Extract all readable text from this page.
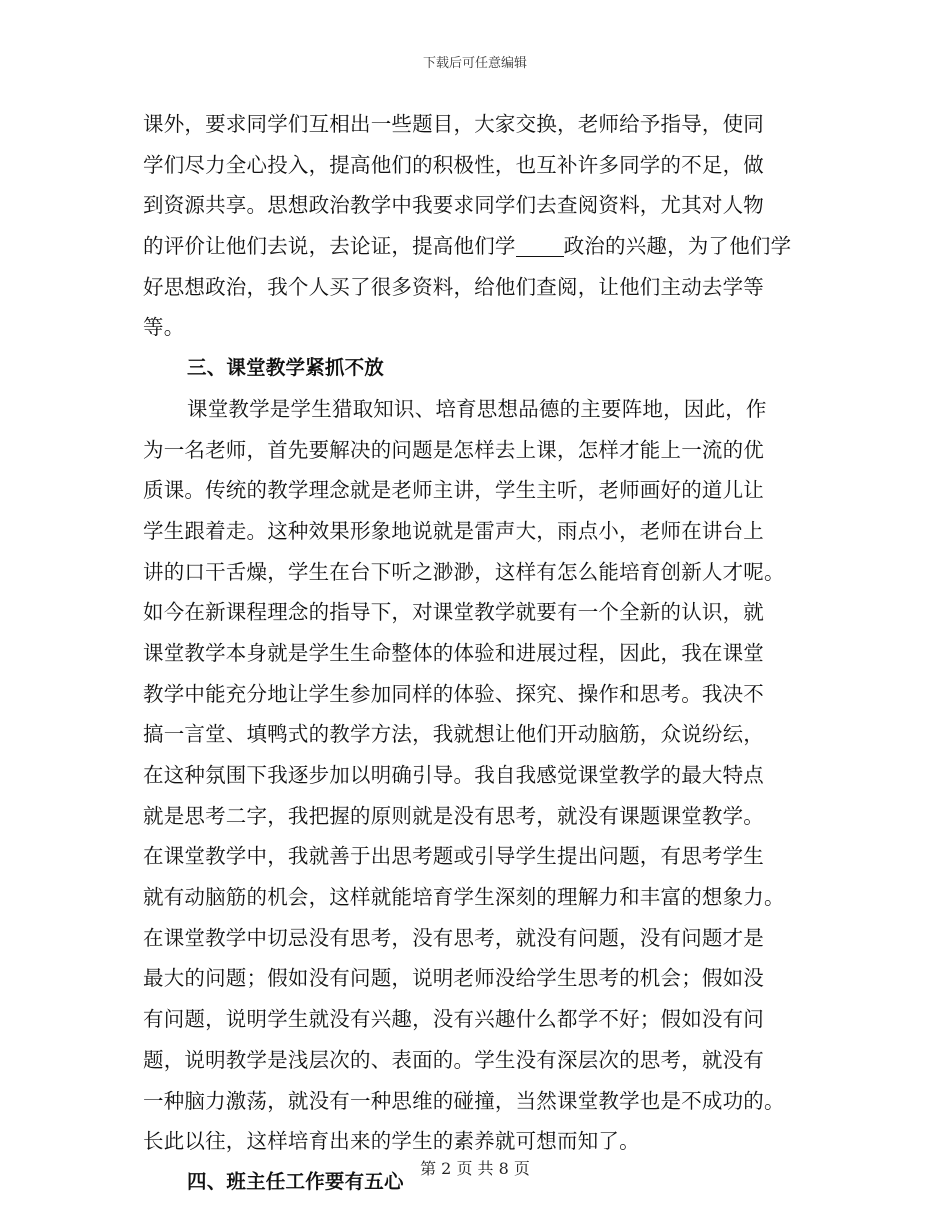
下载后可任意编辑
课外，要求同学们互相出一些题目，大家交换，老师给予指导，使同
学们尽力全心投入，提高他们的积极性，也互补许多同学的不足，做
到资源共享。思想政治教学中我要求同学们去查阅资料，尤其对人物
的评价让他们去说，去论证，提高他们学 政治的兴趣，为了他们学
好思想政治，我个人买了很多资料，给他们查阅，让他们主动去学等
等。
三、课堂教学紧抓不放
课堂教学是学生猎取知识、培育思想品德的主要阵地，因此，作
为一名老师，首先要解决的问题是怎样去上课，怎样才能上一流的优
质课。传统的教学理念就是老师主讲，学生主听，老师画好的道儿让
学生跟着走。这种效果形象地说就是雷声大，雨点小，老师在讲台上
讲的口干舌燥，学生在台下听之渺渺，这样有怎么能培育创新人才呢。
如今在新课程理念的指导下，对课堂教学就要有一个全新的认识，就
课堂教学本身就是学生生命整体的体验和进展过程，因此，我在课堂
教学中能充分地让学生参加同样的体验、探究、操作和思考。我决不
搞一言堂、填鸭式的教学方法，我就想让他们开动脑筋，众说纷纭，
在这种氛围下我逐步加以明确引导。我自我感觉课堂教学的最大特点
就是思考二字，我把握的原则就是没有思考，就没有课题课堂教学。
在课堂教学中，我就善于出思考题或引导学生提出问题，有思考学生
就有动脑筋的机会，这样就能培育学生深刻的理解力和丰富的想象力。
在课堂教学中切忌没有思考，没有思考，就没有问题，没有问题才是
最大的问题；假如没有问题，说明老师没给学生思考的机会；假如没
有问题，说明学生就没有兴趣，没有兴趣什么都学不好；假如没有问
题，说明教学是浅层次的、表面的。学生没有深层次的思考，就没有
一种脑力激荡，就没有一种思维的碰撞，当然课堂教学也是不成功的。
长此以往，这样培育出来的学生的素养就可想而知了。
四、班主任工作要有五心
第 2 页 共 8 页
